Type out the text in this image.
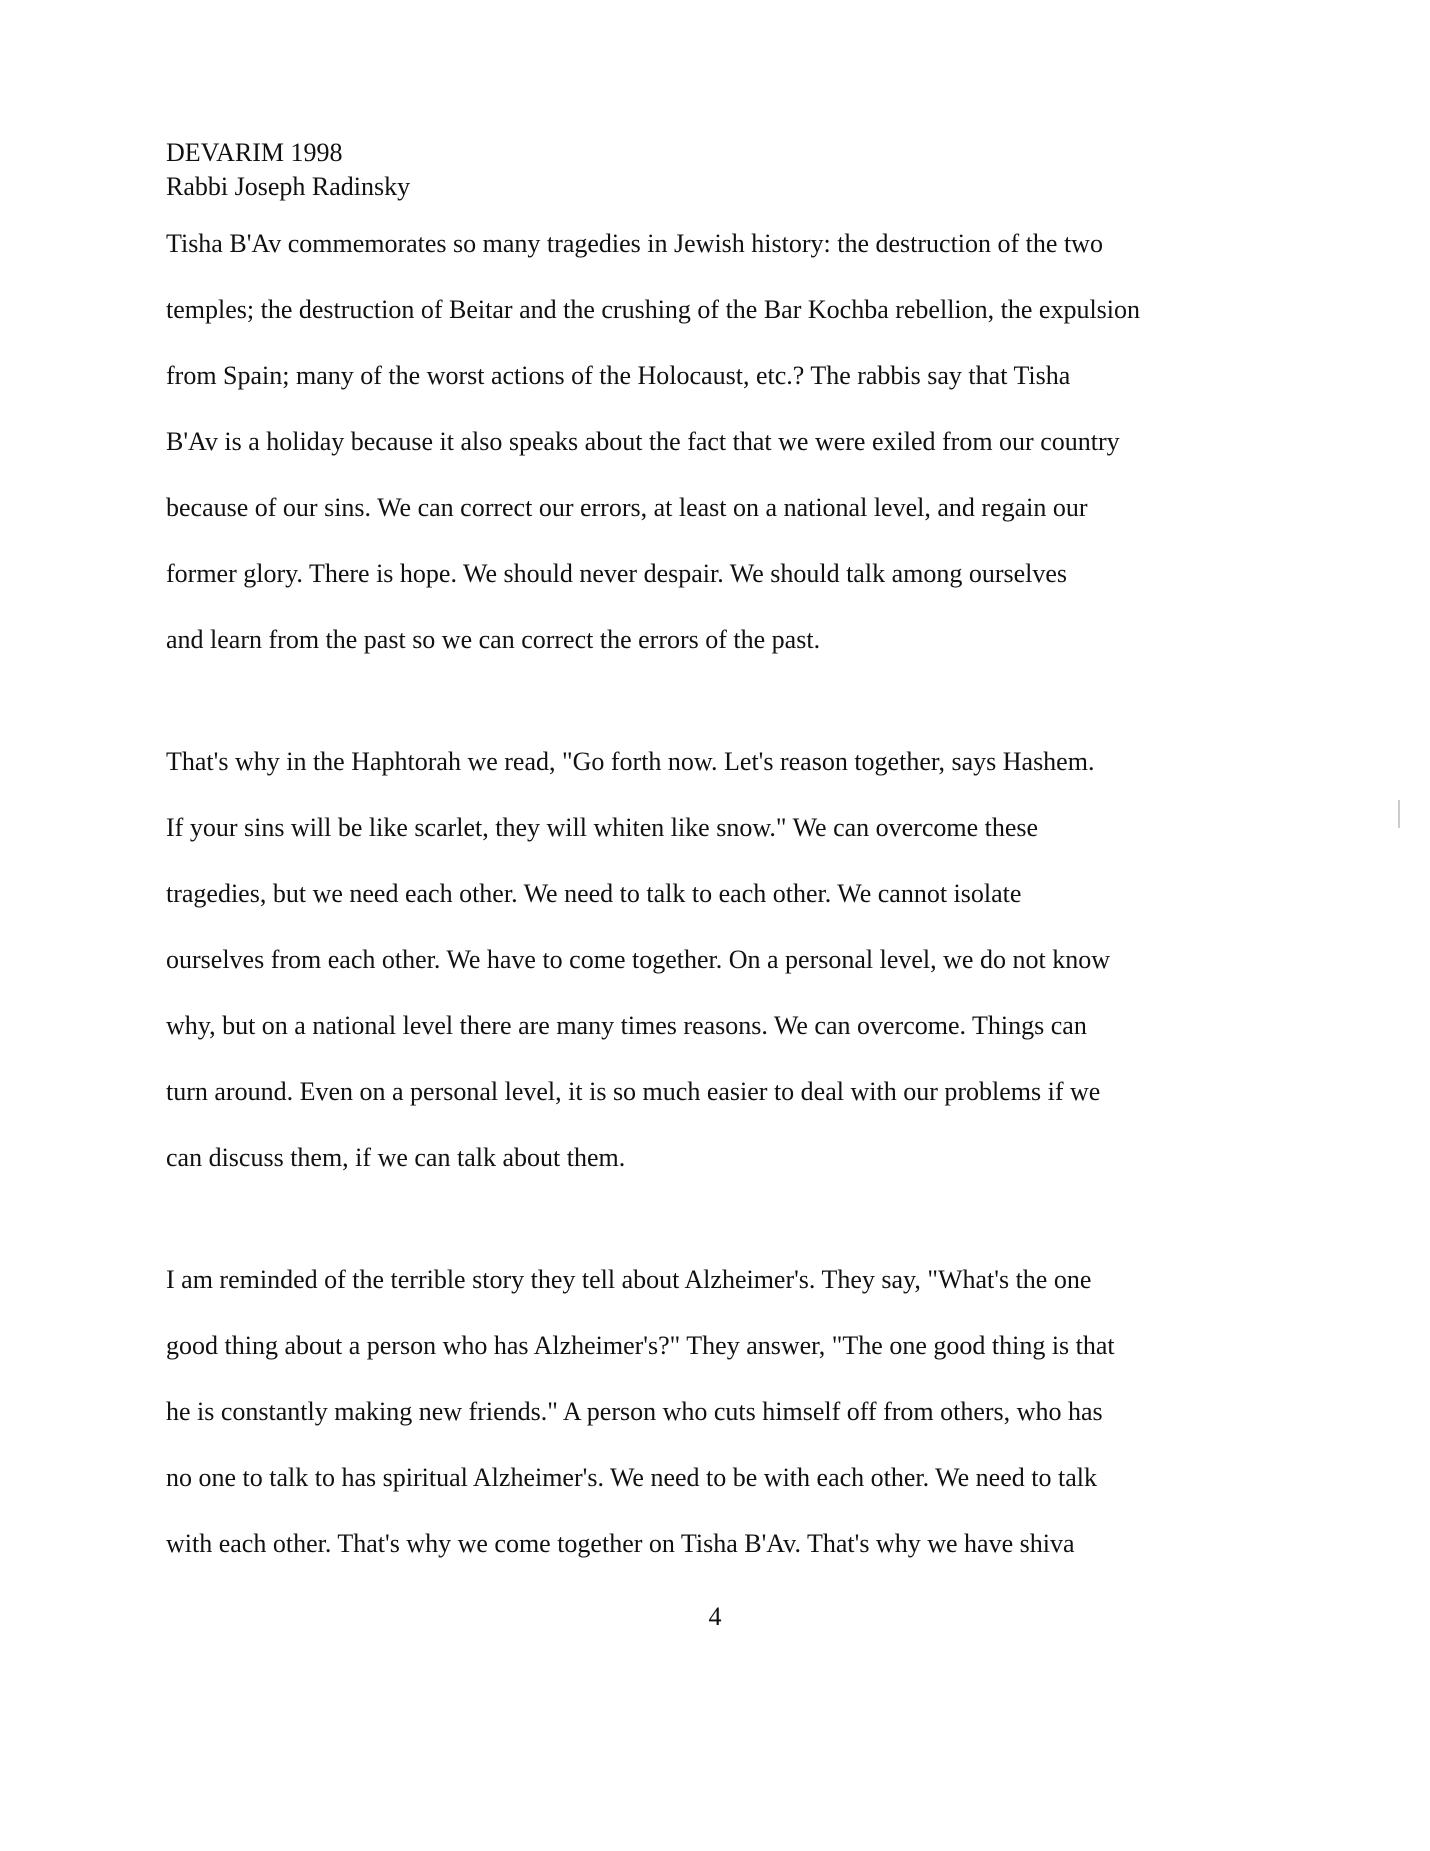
DEVARIM 1998
Rabbi Joseph Radinsky
Tisha B'Av commemorates so many tragedies in Jewish history: the destruction of the two
temples; the destruction of Beitar and the crushing of the Bar Kochba rebellion, the expulsion
from Spain; many of the worst actions of the Holocaust, etc.? The rabbis say that Tisha
B'Av is a holiday because it also speaks about the fact that we were exiled from our country
because of our sins. We can correct our errors, at least on a national level, and regain our
former glory. There is hope. We should never despair. We should talk among ourselves
and learn from the past so we can correct the errors of the past.
That's why in the Haphtorah we read, "Go forth now. Let's reason together, says Hashem.
If your sins will be like scarlet, they will whiten like snow." We can overcome these
tragedies, but we need each other. We need to talk to each other. We cannot isolate
ourselves from each other. We have to come together. On a personal level, we do not know
why, but on a national level there are many times reasons. We can overcome. Things can
turn around. Even on a personal level, it is so much easier to deal with our problems if we
can discuss them, if we can talk about them.
I am reminded of the terrible story they tell about Alzheimer's. They say, "What's the one
good thing about a person who has Alzheimer's?" They answer, "The one good thing is that
he is constantly making new friends." A person who cuts himself off from others, who has
no one to talk to has spiritual Alzheimer's. We need to be with each other. We need to talk
with each other. That's why we come together on Tisha B'Av. That's why we have shiva
4
